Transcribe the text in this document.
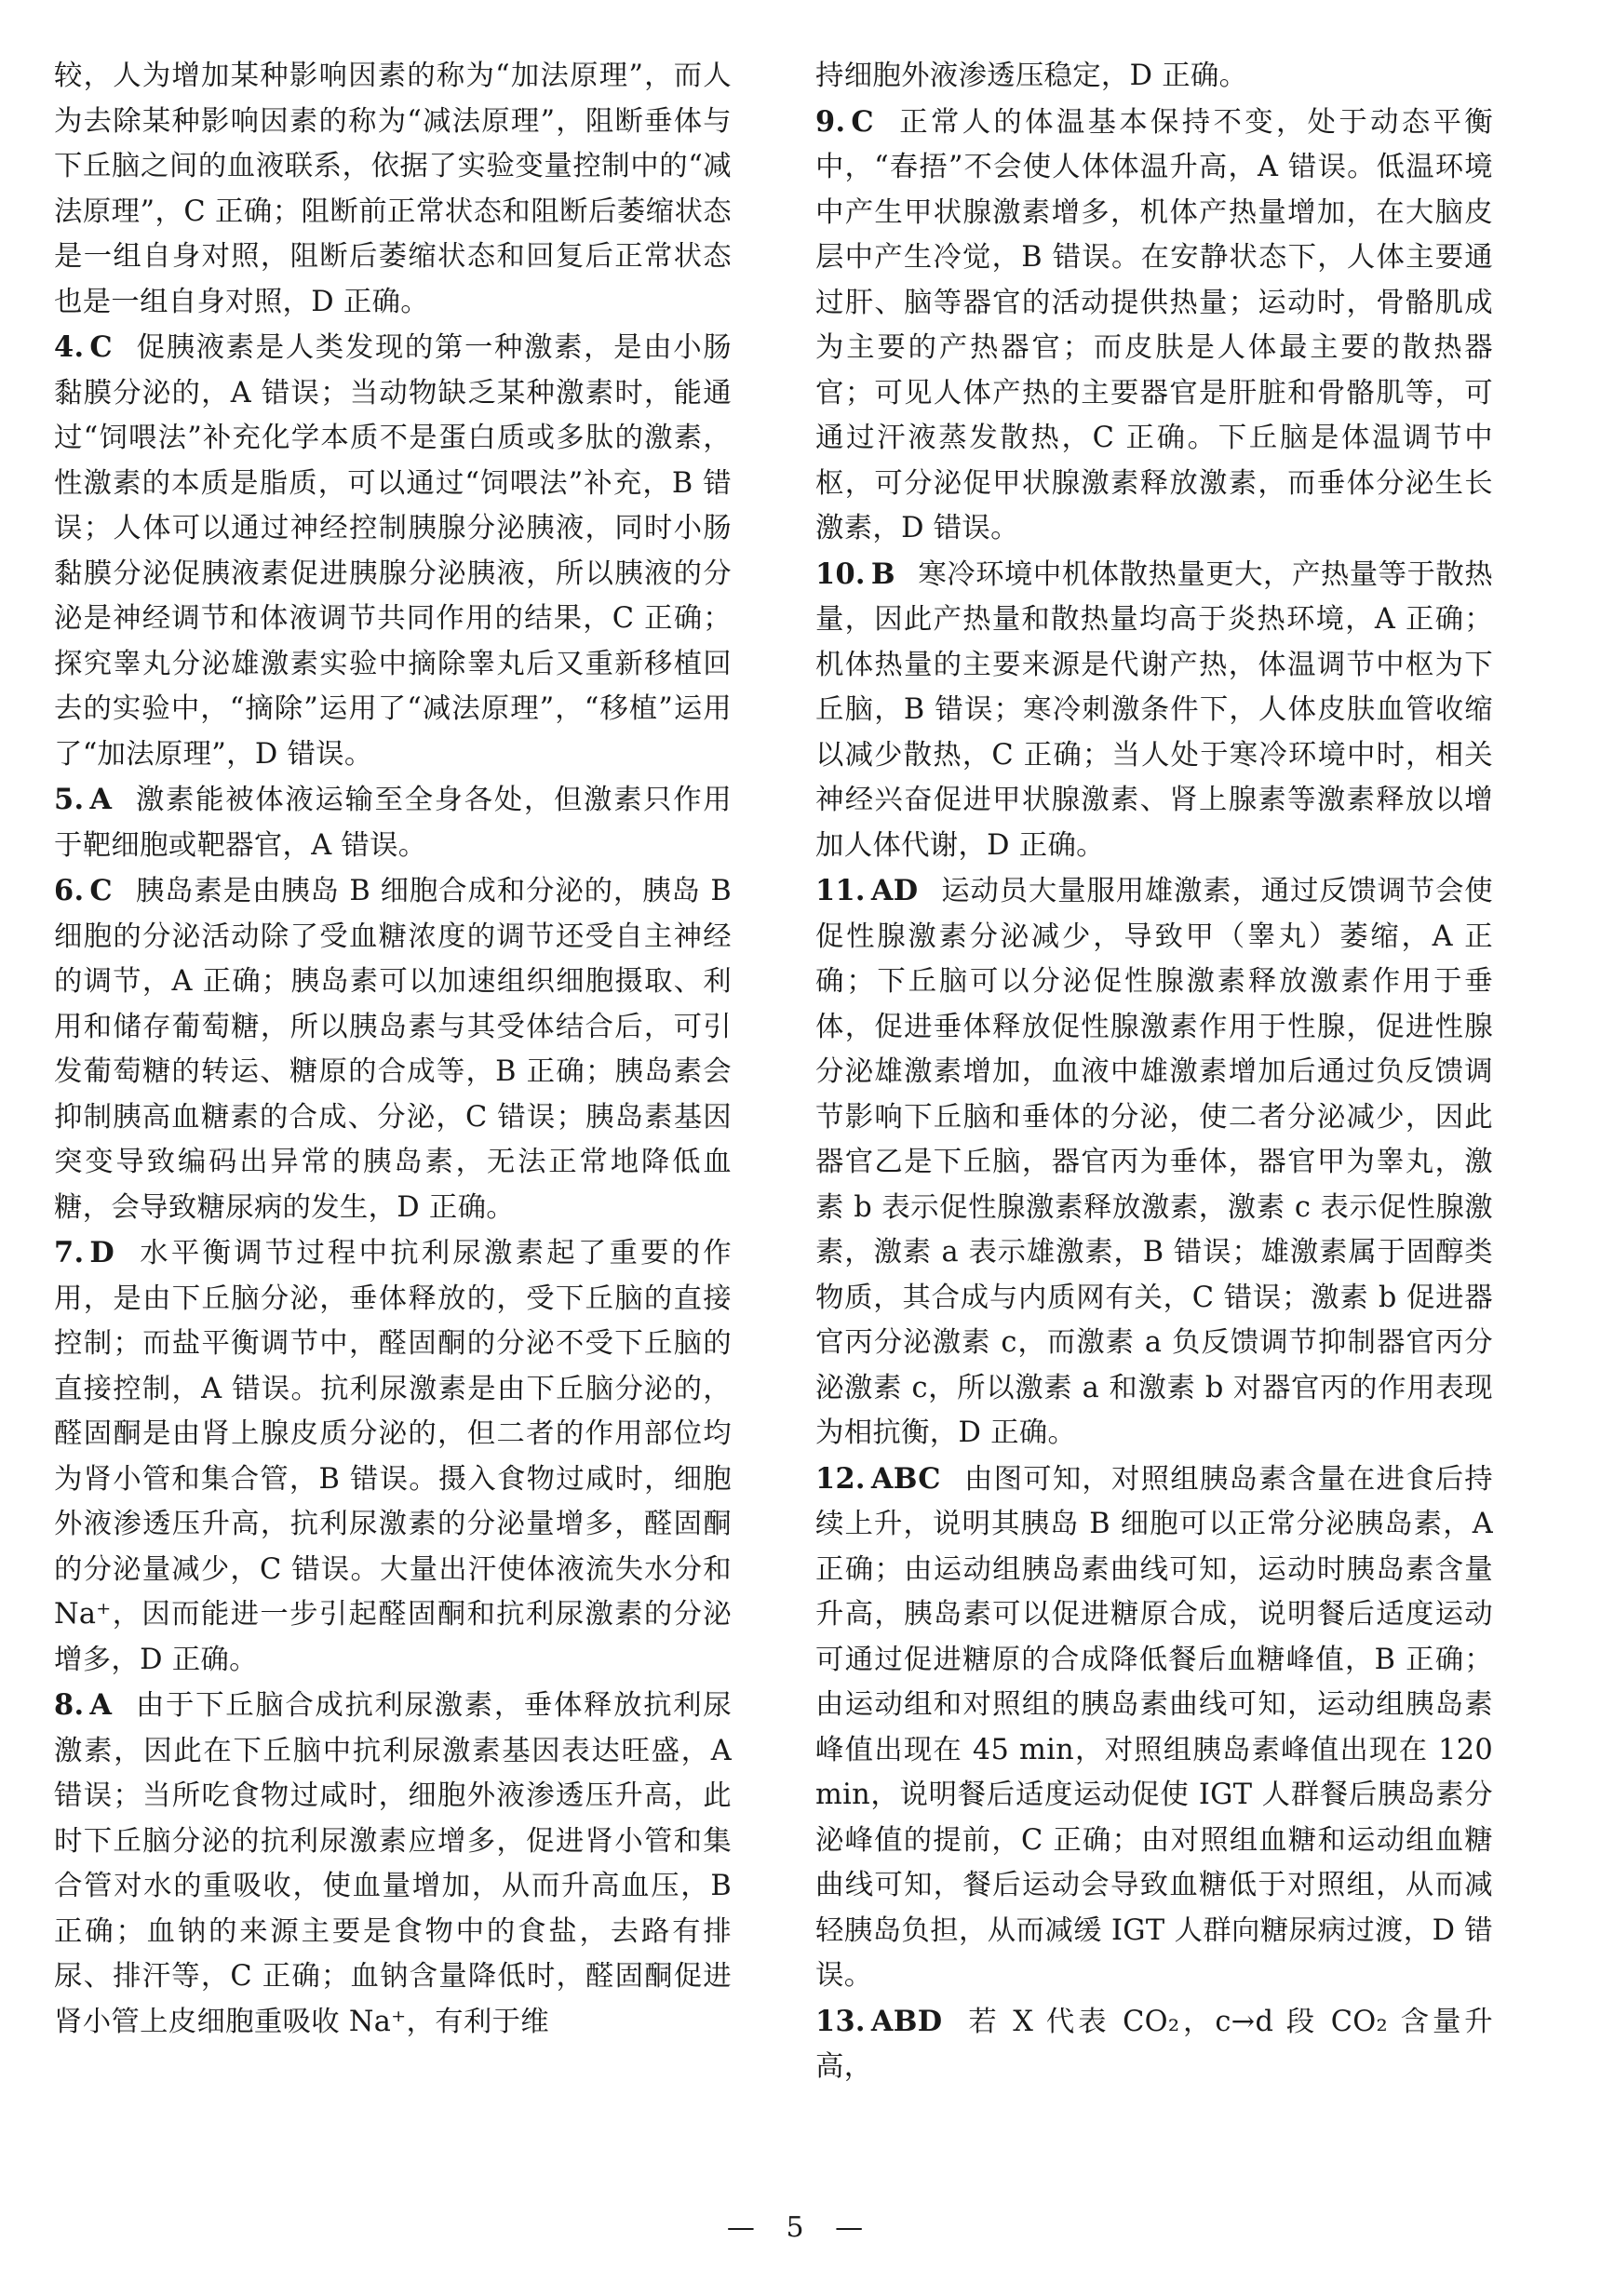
较，人为增加某种影响因素的称为“加法原理”，而人为去除某种影响因素的称为“减法原理”，阻断垂体与下丘脑之间的血液联系，依据了实验变量控制中的“减法原理”，C 正确；阻断前正常状态和阻断后萎缩状态是一组自身对照，阻断后萎缩状态和回复后正常状态也是一组自身对照，D 正确。

4. C 促胰液素是人类发现的第一种激素，是由小肠黏膜分泌的，A 错误；当动物缺乏某种激素时，能通过“饲喂法”补充化学本质不是蛋白质或多肽的激素，性激素的本质是脂质，可以通过“饲喂法”补充，B 错误；人体可以通过神经控制胰腺分泌胰液，同时小肠黏膜分泌促胰液素促进胰腺分泌胰液，所以胰液的分泌是神经调节和体液调节共同作用的结果，C 正确；探究睾丸分泌雄激素实验中摘除睾丸后又重新移植回去的实验中，“摘除”运用了“减法原理”，“移植”运用了“加法原理”，D 错误。

5. A 激素能被体液运输至全身各处，但激素只作用于靶细胞或靶器官，A 错误。

6. C 胰岛素是由胰岛 B 细胞合成和分泌的，胰岛 B 细胞的分泌活动除了受血糖浓度的调节还受自主神经的调节，A 正确；胰岛素可以加速组织细胞摄取、利用和储存葡萄糖，所以胰岛素与其受体结合后，可引发葡萄糖的转运、糖原的合成等，B 正确；胰岛素会抑制胰高血糖素的合成、分泌，C 错误；胰岛素基因突变导致编码出异常的胰岛素，无法正常地降低血糖，会导致糖尿病的发生，D 正确。

7. D 水平衡调节过程中抗利尿激素起了重要的作用，是由下丘脑分泌，垂体释放的，受下丘脑的直接控制；而盐平衡调节中，醛固酮的分泌不受下丘脑的直接控制，A 错误。抗利尿激素是由下丘脑分泌的，醛固酮是由肾上腺皮质分泌的，但二者的作用部位均为肾小管和集合管，B 错误。摄入食物过咸时，细胞外液渗透压升高，抗利尿激素的分泌量增多，醛固酮的分泌量减少，C 错误。大量出汗使体液流失水分和 Na⁺，因而能进一步引起醛固酮和抗利尿激素的分泌增多，D 正确。

8. A 由于下丘脑合成抗利尿激素，垂体释放抗利尿激素，因此在下丘脑中抗利尿激素基因表达旺盛，A 错误；当所吃食物过咸时，细胞外液渗透压升高，此时下丘脑分泌的抗利尿激素应增多，促进肾小管和集合管对水的重吸收，使血量增加，从而升高血压，B 正确；血钠的来源主要是食物中的食盐，去路有排尿、排汗等，C 正确；血钠含量降低时，醛固酮促进肾小管上皮细胞重吸收 Na⁺，有利于维

持细胞外液渗透压稳定，D 正确。

9. C 正常人的体温基本保持不变，处于动态平衡中，“春捂”不会使人体体温升高，A 错误。低温环境中产生甲状腺激素增多，机体产热量增加，在大脑皮层中产生冷觉，B 错误。在安静状态下，人体主要通过肝、脑等器官的活动提供热量；运动时，骨骼肌成为主要的产热器官；而皮肤是人体最主要的散热器官；可见人体产热的主要器官是肝脏和骨骼肌等，可通过汗液蒸发散热，C 正确。下丘脑是体温调节中枢，可分泌促甲状腺激素释放激素，而垂体分泌生长激素，D 错误。

10. B 寒冷环境中机体散热量更大，产热量等于散热量，因此产热量和散热量均高于炎热环境，A 正确；机体热量的主要来源是代谢产热，体温调节中枢为下丘脑，B 错误；寒冷刺激条件下，人体皮肤血管收缩以减少散热，C 正确；当人处于寒冷环境中时，相关神经兴奋促进甲状腺激素、肾上腺素等激素释放以增加人体代谢，D 正确。

11. AD 运动员大量服用雄激素，通过反馈调节会使促性腺激素分泌减少，导致甲（睾丸）萎缩，A 正确；下丘脑可以分泌促性腺激素释放激素作用于垂体，促进垂体释放促性腺激素作用于性腺，促进性腺分泌雄激素增加，血液中雄激素增加后通过负反馈调节影响下丘脑和垂体的分泌，使二者分泌减少，因此器官乙是下丘脑，器官丙为垂体，器官甲为睾丸，激素 b 表示促性腺激素释放激素，激素 c 表示促性腺激素，激素 a 表示雄激素，B 错误；雄激素属于固醇类物质，其合成与内质网有关，C 错误；激素 b 促进器官丙分泌激素 c，而激素 a 负反馈调节抑制器官丙分泌激素 c，所以激素 a 和激素 b 对器官丙的作用表现为相抗衡，D 正确。

12. ABC 由图可知，对照组胰岛素含量在进食后持续上升，说明其胰岛 B 细胞可以正常分泌胰岛素，A 正确；由运动组胰岛素曲线可知，运动时胰岛素含量升高，胰岛素可以促进糖原合成，说明餐后适度运动可通过促进糖原的合成降低餐后血糖峰值，B 正确；由运动组和对照组的胰岛素曲线可知，运动组胰岛素峰值出现在 45 min，对照组胰岛素峰值出现在 120 min，说明餐后适度运动促使 IGT 人群餐后胰岛素分泌峰值的提前，C 正确；由对照组血糖和运动组血糖曲线可知，餐后运动会导致血糖低于对照组，从而减轻胰岛负担，从而减缓 IGT 人群向糖尿病过渡，D 错误。

13. ABD 若 X 代表 CO₂，c→d 段 CO₂ 含量升高，

— 5 —
